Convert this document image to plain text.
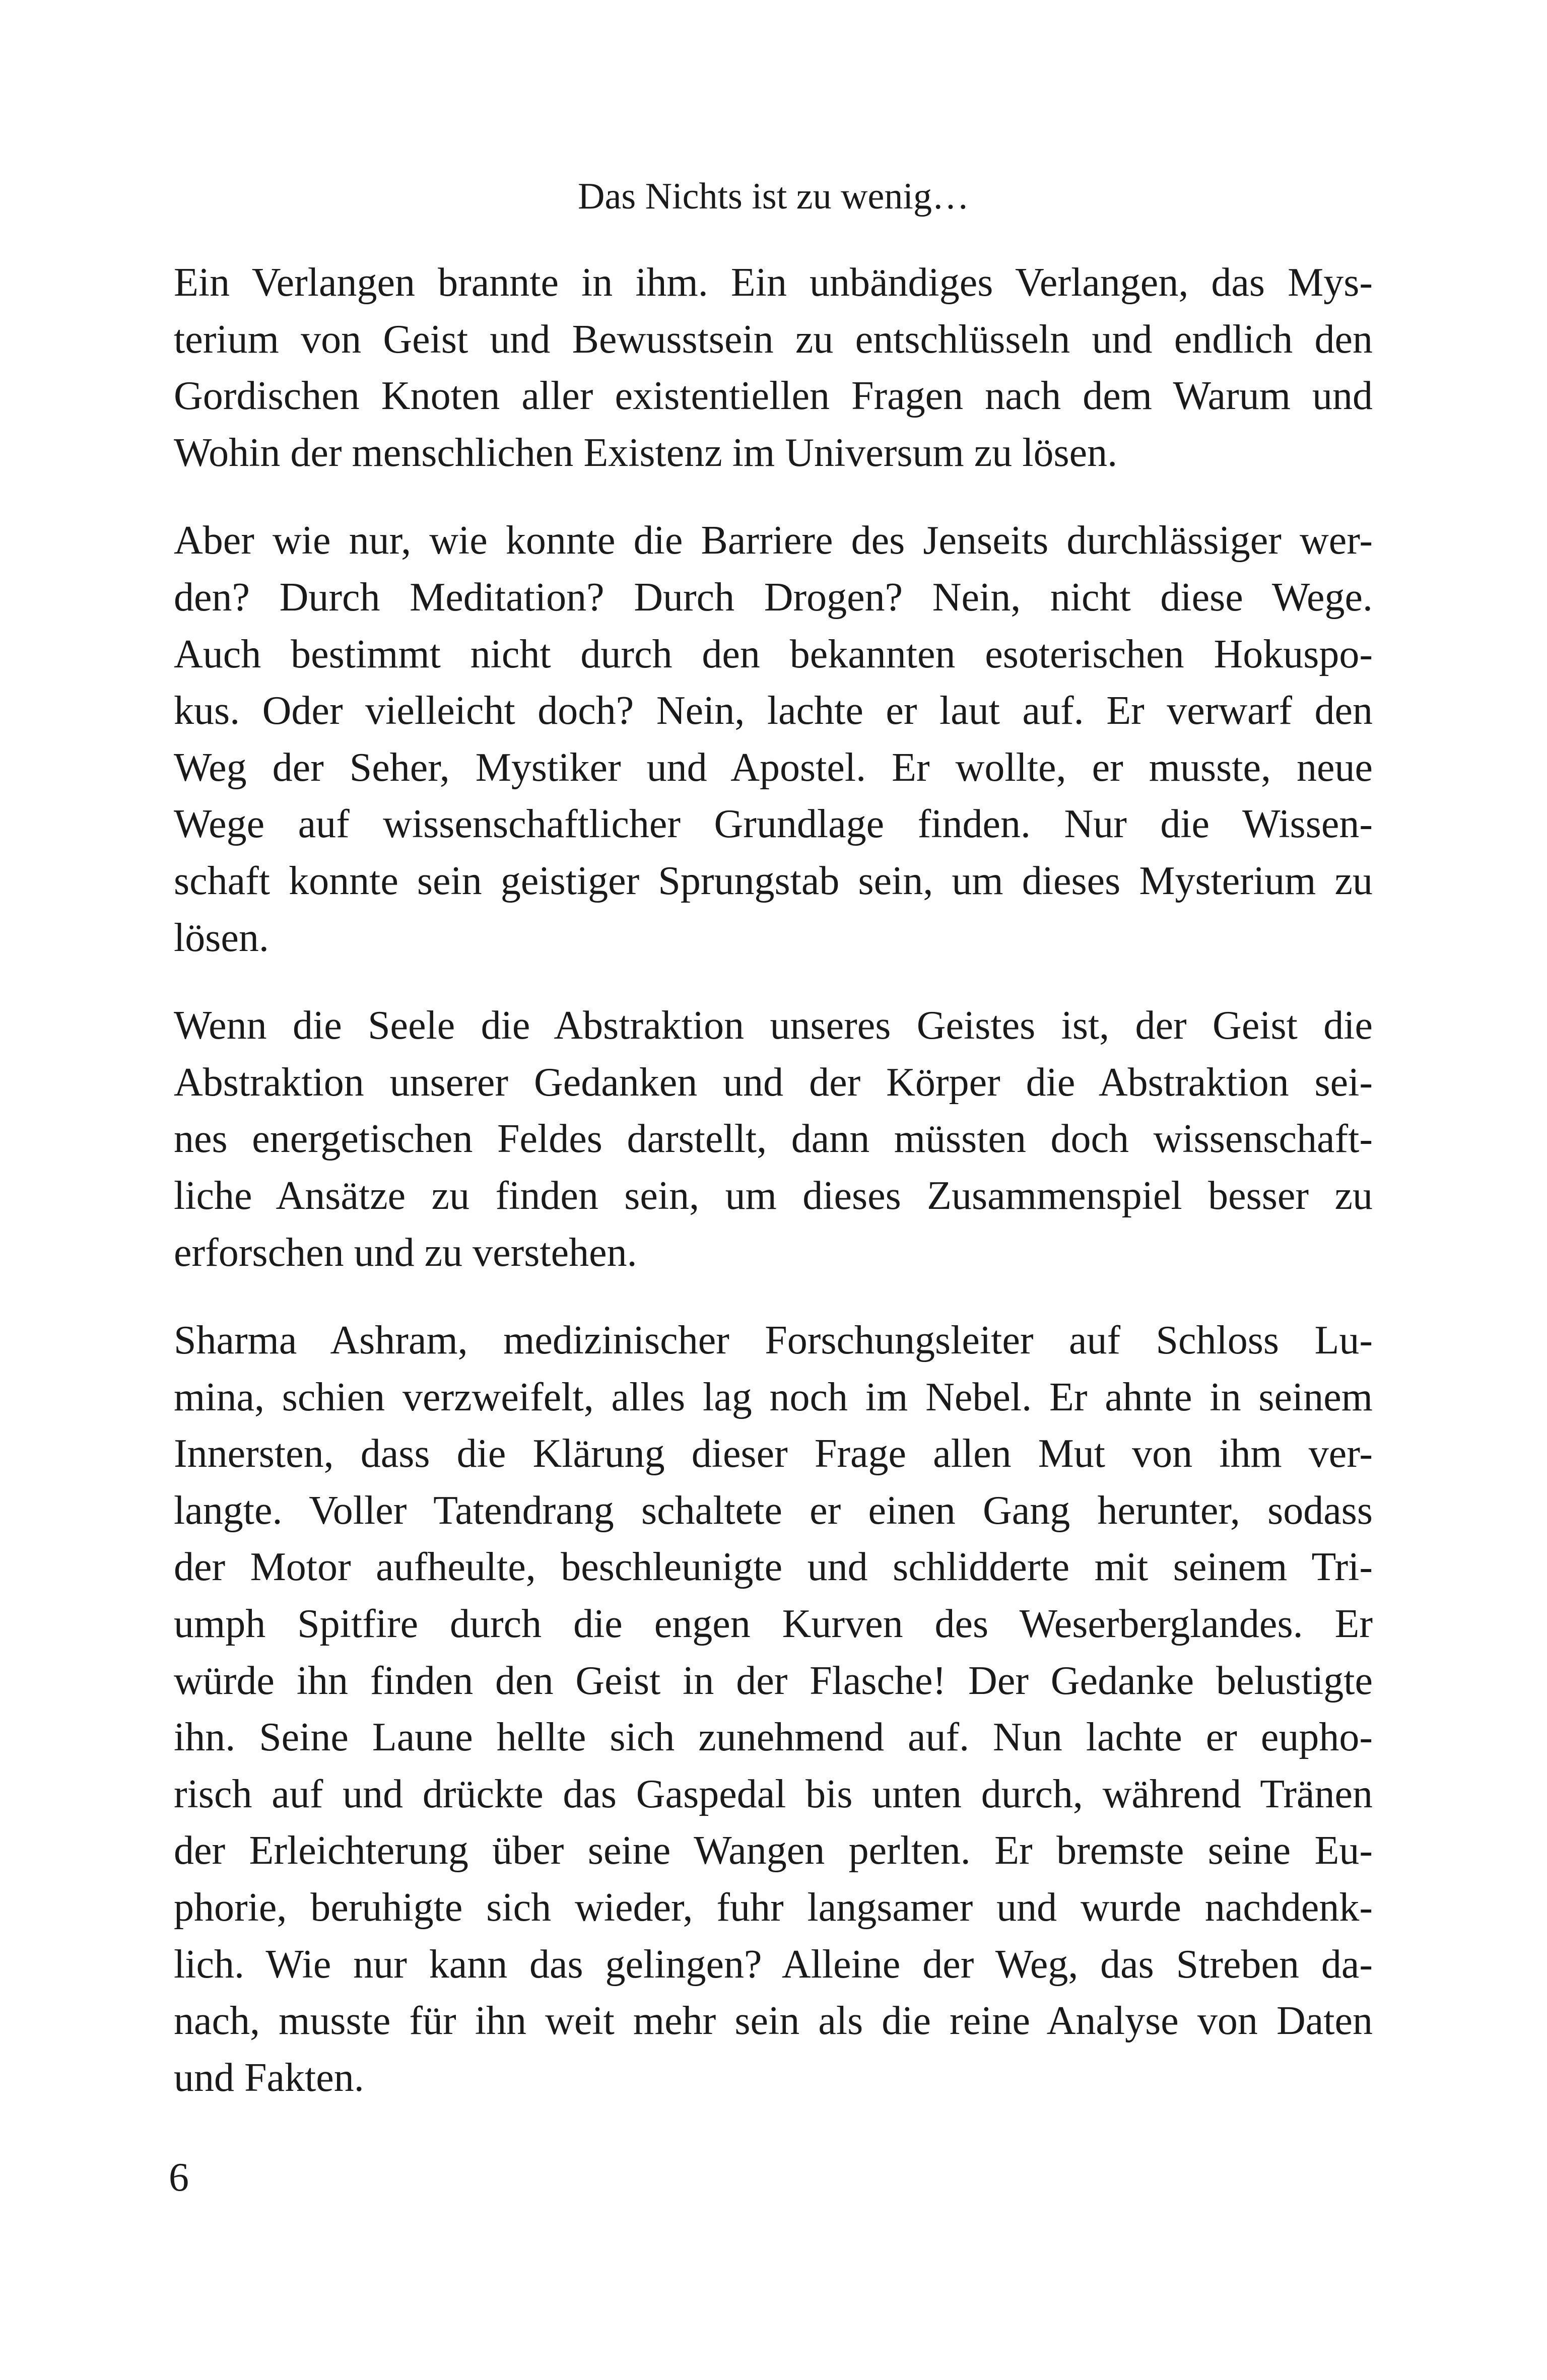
Das Nichts ist zu wenig…
Ein Verlangen brannte in ihm. Ein unbändiges Verlangen, das Mys-
terium von Geist und Bewusstsein zu entschlüsseln und endlich den
Gordischen Knoten aller existentiellen Fragen nach dem Warum und
Wohin der menschlichen Existenz im Universum zu lösen.
Aber wie nur, wie konnte die Barriere des Jenseits durchlässiger wer-
den? Durch Meditation? Durch Drogen? Nein, nicht diese Wege.
Auch bestimmt nicht durch den bekannten esoterischen Hokuspo-
kus. Oder vielleicht doch? Nein, lachte er laut auf. Er verwarf den
Weg der Seher, Mystiker und Apostel. Er wollte, er musste, neue
Wege auf wissenschaftlicher Grundlage finden. Nur die Wissen-
schaft konnte sein geistiger Sprungstab sein, um dieses Mysterium zu
lösen.
Wenn die Seele die Abstraktion unseres Geistes ist, der Geist die
Abstraktion unserer Gedanken und der Körper die Abstraktion sei-
nes energetischen Feldes darstellt, dann müssten doch wissenschaft-
liche Ansätze zu finden sein, um dieses Zusammenspiel besser zu
erforschen und zu verstehen.
Sharma Ashram, medizinischer Forschungsleiter auf Schloss Lu-
mina, schien verzweifelt, alles lag noch im Nebel. Er ahnte in seinem
Innersten, dass die Klärung dieser Frage allen Mut von ihm ver-
langte. Voller Tatendrang schaltete er einen Gang herunter, sodass
der Motor aufheulte, beschleunigte und schlidderte mit seinem Tri-
umph Spitfire durch die engen Kurven des Weserberglandes. Er
würde ihn finden den Geist in der Flasche! Der Gedanke belustigte
ihn. Seine Laune hellte sich zunehmend auf. Nun lachte er eupho-
risch auf und drückte das Gaspedal bis unten durch, während Tränen
der Erleichterung über seine Wangen perlten. Er bremste seine Eu-
phorie, beruhigte sich wieder, fuhr langsamer und wurde nachdenk-
lich. Wie nur kann das gelingen? Alleine der Weg, das Streben da-
nach, musste für ihn weit mehr sein als die reine Analyse von Daten
und Fakten.
6
